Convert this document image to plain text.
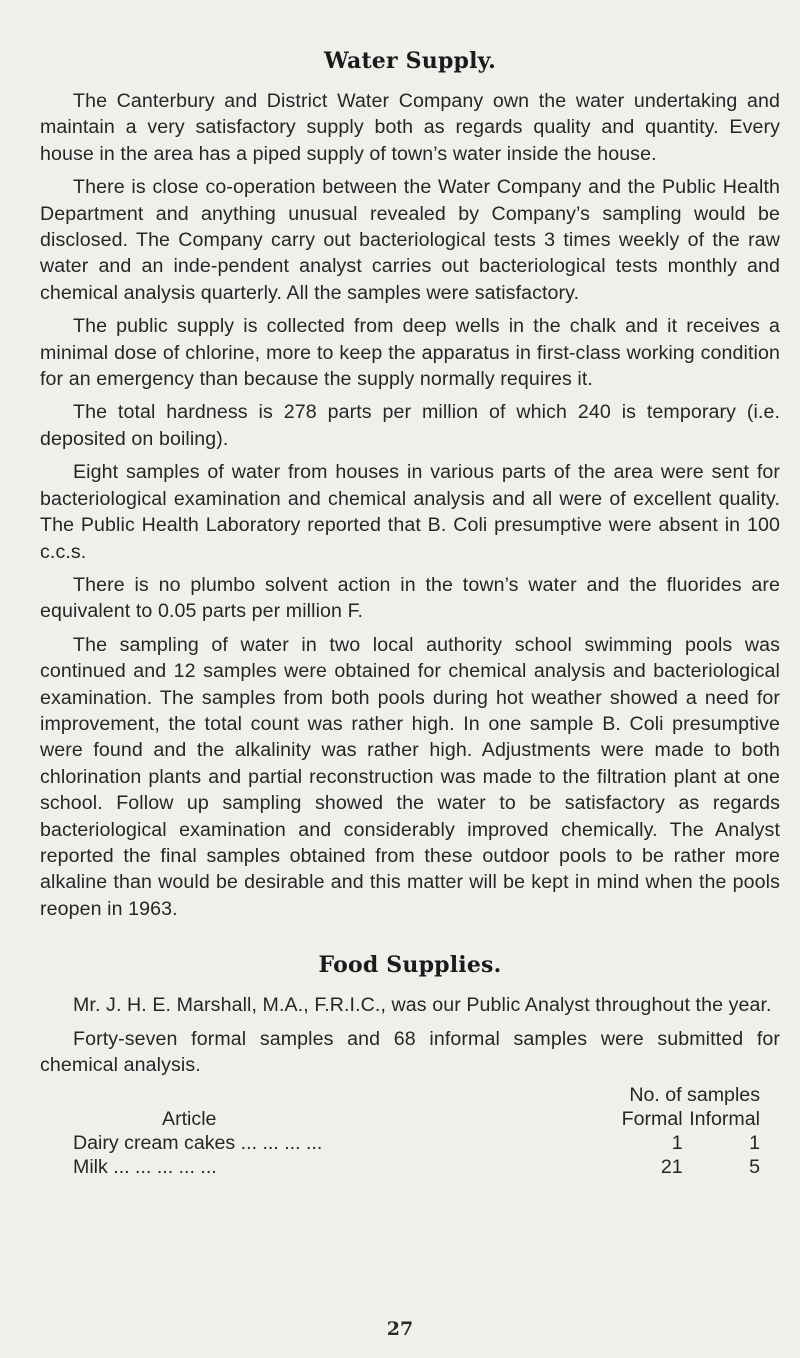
Water Supply.

The Canterbury and District Water Company own the water undertaking and maintain a very satisfactory supply both as regards quality and quantity. Every house in the area has a piped supply of town’s water inside the house.

There is close co-operation between the Water Company and the Public Health Department and anything unusual revealed by Company’s sampling would be disclosed. The Company carry out bacteriological tests 3 times weekly of the raw water and an inde-pendent analyst carries out bacteriological tests monthly and chemical analysis quarterly. All the samples were satisfactory.

The public supply is collected from deep wells in the chalk and it receives a minimal dose of chlorine, more to keep the apparatus in first-class working condition for an emergency than because the supply normally requires it.

The total hardness is 278 parts per million of which 240 is temporary (i.e. deposited on boiling).

Eight samples of water from houses in various parts of the area were sent for bacteriological examination and chemical analysis and all were of excellent quality. The Public Health Laboratory reported that B. Coli presumptive were absent in 100 c.c.s.

There is no plumbo solvent action in the town’s water and the fluorides are equivalent to 0.05 parts per million F.

The sampling of water in two local authority school swimming pools was continued and 12 samples were obtained for chemical analysis and bacteriological examination. The samples from both pools during hot weather showed a need for improvement, the total count was rather high. In one sample B. Coli presumptive were found and the alkalinity was rather high. Adjustments were made to both chlorination plants and partial reconstruction was made to the filtration plant at one school. Follow up sampling showed the water to be satisfactory as regards bacteriological examination and considerably improved chemically. The Analyst reported the final samples obtained from these outdoor pools to be rather more alkaline than would be desirable and this matter will be kept in mind when the pools reopen in 1963.

Food Supplies.

Mr. J. H. E. Marshall, M.A., F.R.I.C., was our Public Analyst throughout the year.

Forty-seven formal samples and 68 informal samples were submitted for chemical analysis.

	No. of samples	
Article	Formal	Informal
Dairy cream cakes ... ... ... ...	1	1
Milk ... ... ... ... ...	21	5
27
